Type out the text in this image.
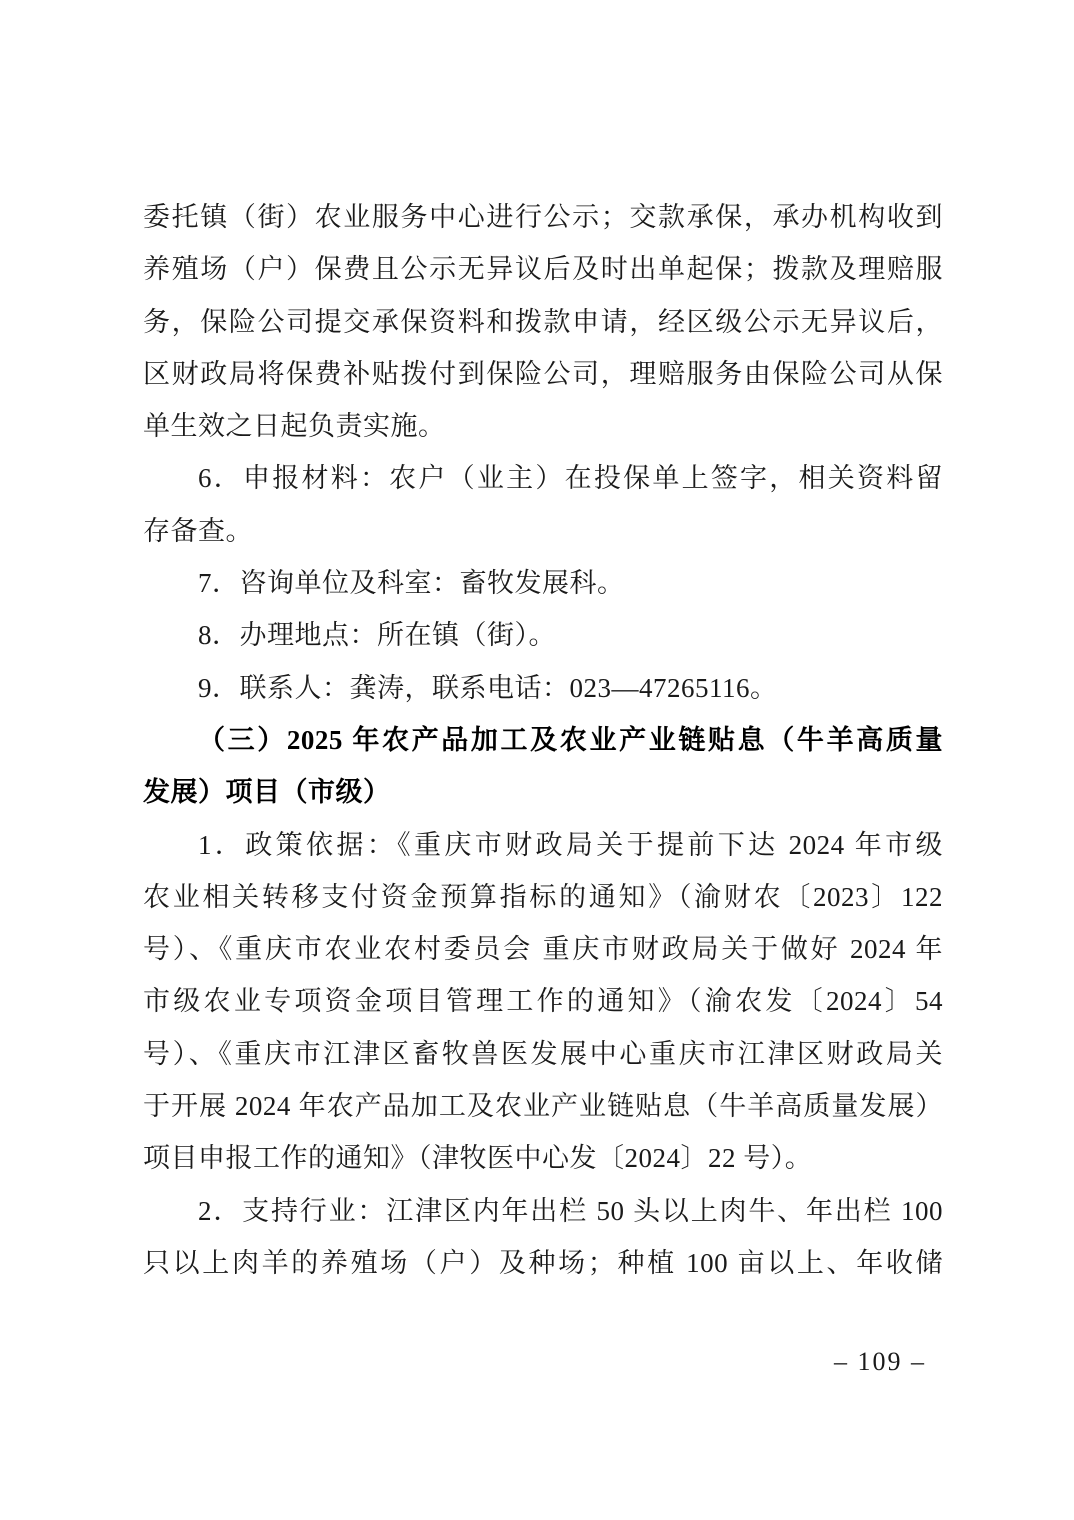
委托镇（街）农业服务中心进行公示；交款承保，承办机构收到
养殖场（户）保费且公示无异议后及时出单起保；拨款及理赔服
务，保险公司提交承保资料和拨款申请，经区级公示无异议后，
区财政局将保费补贴拨付到保险公司，理赔服务由保险公司从保
单生效之日起负责实施。
6．申报材料：农户（业主）在投保单上签字，相关资料留
存备查。
7．咨询单位及科室：畜牧发展科。
8．办理地点：所在镇（街）。
9．联系人：龚涛，联系电话：023—47265116。
（三）2025 年农产品加工及农业产业链贴息（牛羊高质量
发展）项目（市级）
1．政策依据：《重庆市财政局关于提前下达 2024 年市级
农业相关转移支付资金预算指标的通知》（渝财农〔2023〕122
号）、《重庆市农业农村委员会 重庆市财政局关于做好 2024 年
市级农业专项资金项目管理工作的通知》（渝农发〔2024〕54
号）、《重庆市江津区畜牧兽医发展中心重庆市江津区财政局关
于开展 2024 年农产品加工及农业产业链贴息（牛羊高质量发展）
项目申报工作的通知》（津牧医中心发〔2024〕22 号）。
2．支持行业：江津区内年出栏 50 头以上肉牛、年出栏 100
只以上肉羊的养殖场（户）及种场；种植 100 亩以上、年收储
– 109 –
